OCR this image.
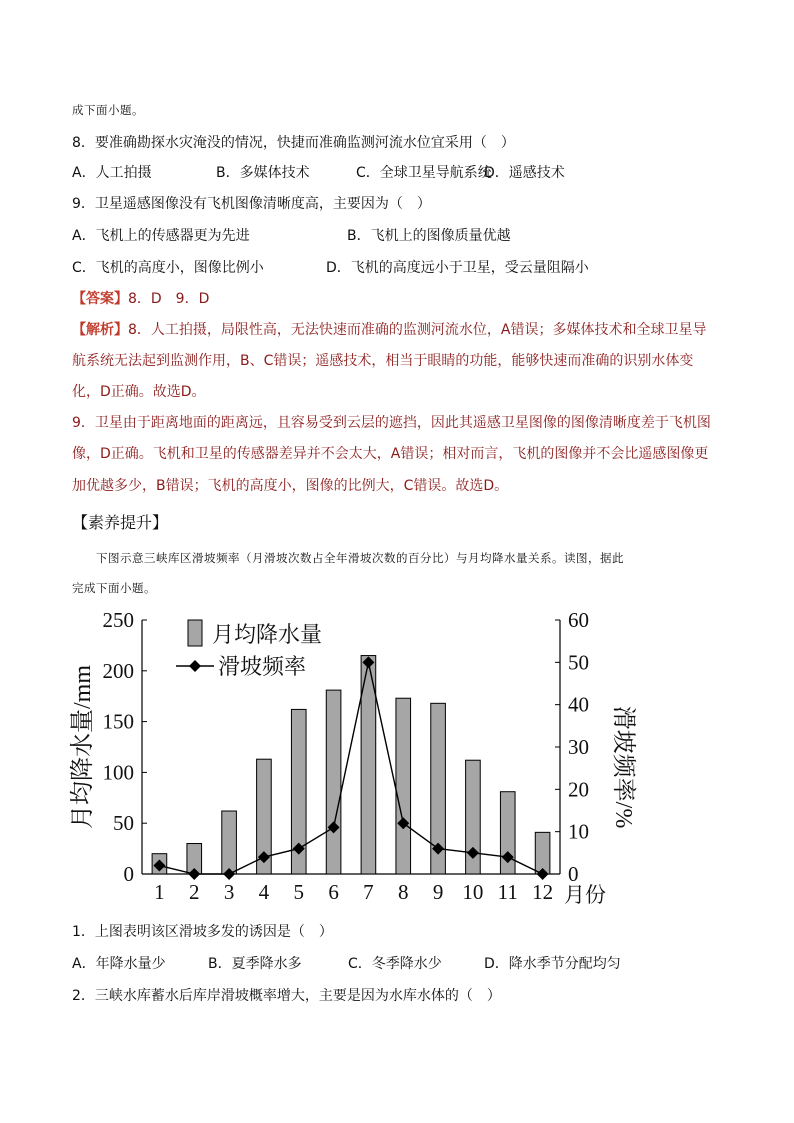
成下面小题。
8．要准确勘探水灾淹没的情况，快捷而准确监测河流水位宜采用（　）
A．人工拍摄	B．多媒体技术	C．全球卫星导航系统
D．遥感技术
9．卫星遥感图像没有飞机图像清晰度高，主要因为（　）
A．飞机上的传感器更为先进	B．飞机上的图像质量优越
C．飞机的高度小，图像比例小	D．飞机的高度远小于卫星，受云量阻隔小
【答案】8．D　9．D
【解析】8．人工拍摄，局限性高，无法快速而准确的监测河流水位，A错误；多媒体技术和全球卫星导
航系统无法起到监测作用，B、C错误；遥感技术，相当于眼睛的功能，能够快速而准确的识别水体变
化，D正确。故选D。
9．卫星由于距离地面的距离远，且容易受到云层的遮挡，因此其遥感卫星图像的图像清晰度差于飞机图
像，D正确。飞机和卫星的传感器差异并不会太大，A错误；相对而言，飞机的图像并不会比遥感图像更
加优越多少，B错误；飞机的高度小，图像的比例大，C错误。故选D。
【素养提升】
　　下图示意三峡库区滑坡频率（月滑坡次数占全年滑坡次数的百分比）与月均降水量关系。读图，据此
完成下面小题。
0
50
100
150
200
250
0
10
20
30
40
50
60
1 2 3 4 5 6 7 8 9 10 11 12 月份
月均降水量
滑坡频率
月均降水量/mm	滑坡频率/%
1．上图表明该区滑坡多发的诱因是（　）
A．年降水量少	B．夏季降水多	C．冬季降水少	D．降水季节分配均匀
2．三峡水库蓄水后库岸滑坡概率增大，主要是因为水库水体的（　）
